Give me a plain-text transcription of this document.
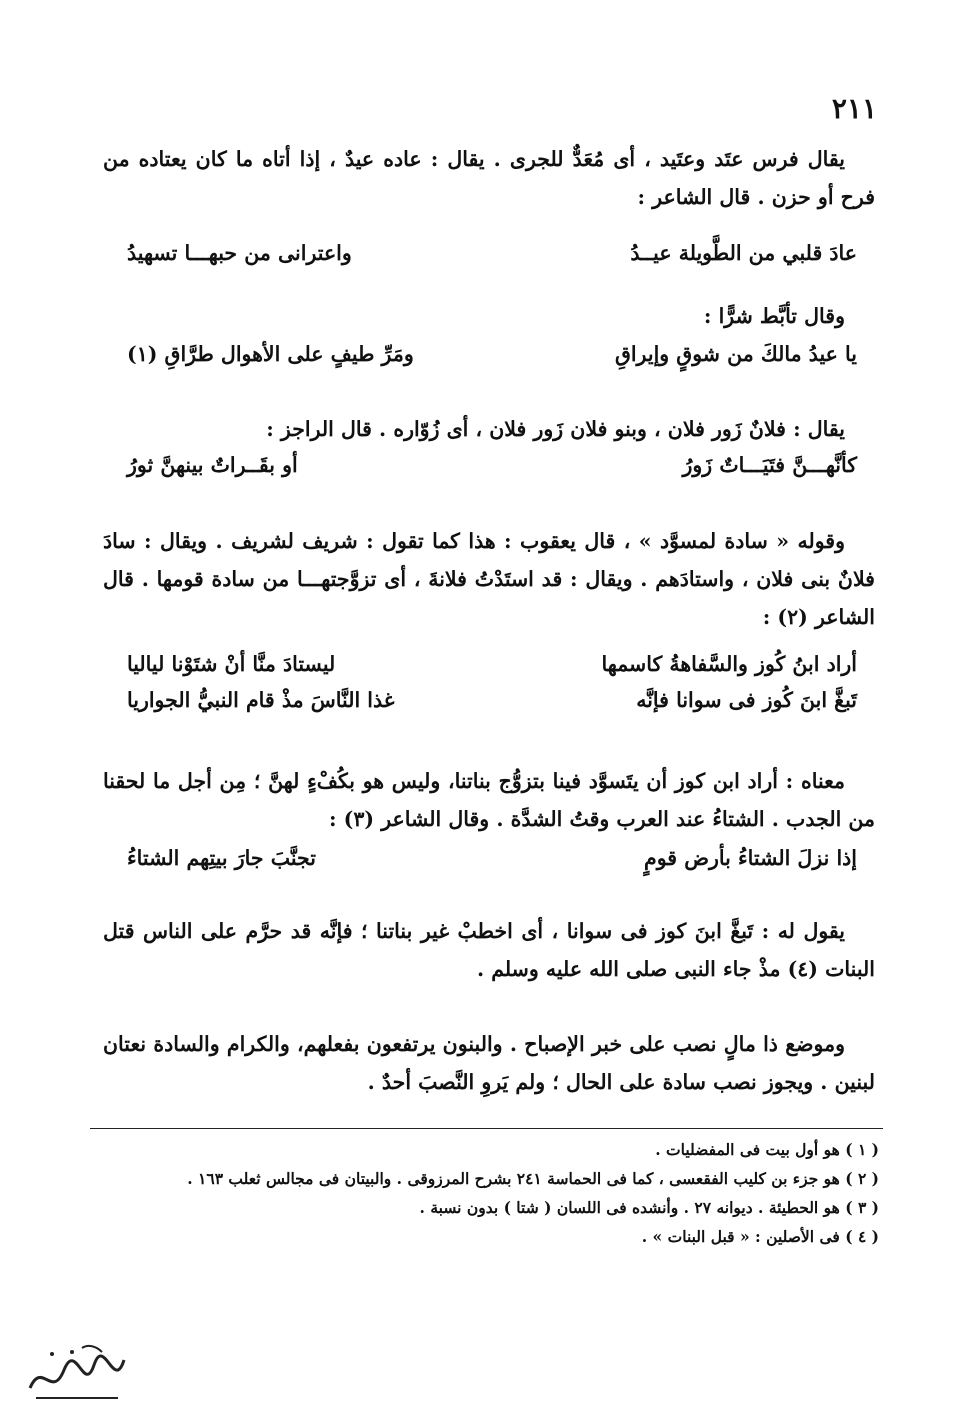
٢١١

يقال فرس عتَد وعتَيد ، أى مُعَدٌّ للجرى . يقال : عاده عيدٌ ، إذا أتاه ما كان يعتاده من فرح أو حزن . قال الشاعر :

عادَ قلبي من الطَّويلة عيــدُ
واعترانى من حبهـــا تسهيدُ

وقال تأبَّط شرًّا :

يا عيدُ مالكَ من شوقٍ وإيراقِ
ومَرِّ طيفٍ على الأهوال طرَّاقِ (١)

يقال : فلانٌ زَور فلان ، وبنو فلان زَور فلان ، أى زُوّاره . قال الراجز :

كأنَّهـــنَّ فتَيَـــاتٌ زَورُ
أو بقَــراتٌ بينهنَّ ثورُ

وقوله « سادة لمسوَّد » ، قال يعقوب : هذا كما تقول : شريف لشريف . ويقال : سادَ فلانٌ بنى فلان ، واستادَهم . ويقال : قد استَدْتُ فلانةَ ، أى تزوَّجتهـــا من سادة قومها . قال الشاعر (٢) :

أراد ابنُ كُوز والسَّفاهةُ كاسمها
ليستادَ منَّا أنْ شتَوْنا لياليا
تَبغَّ ابنَ كُوز فى سوانا فإنَّه
غذا النَّاسَ مذْ قام النبيُّ الجواريا

معناه : أراد ابن كوز أن يتَسوَّد فينا بتزوُّج بناتنا، وليس هو بكُفْءٍ لهنَّ ؛ مِن أجل ما لحقنا من الجدب . الشتاءُ عند العرب وقتُ الشدَّة . وقال الشاعر (٣) :

إذا نزلَ الشتاءُ بأرض قومٍ
تجنَّبَ جارَ بيتِهم الشتاءُ

يقول له : تَبغَّ ابنَ كوز فى سوانا ، أى اخطبْ غير بناتنا ؛ فإنَّه قد حرَّم على الناس قتل البنات (٤) مذْ جاء النبى صلى الله عليه وسلم .

وموضع ذا مالٍ نصب على خبر الإصباح . والبنون يرتفعون بفعلهم، والكرام والسادة نعتان لبنين . ويجوز نصب سادة على الحال ؛ ولم يَروِ النَّصبَ أحدٌ .

( ١ ) هو أول بيت فى المفضليات .
( ٢ ) هو جزء بن كليب الفقعسى ، كما فى الحماسة ٢٤١ بشرح المرزوقى . والبيتان فى مجالس ثعلب ١٦٣ .
( ٣ ) هو الحطيئة . ديوانه ٢٧ . وأنشده فى اللسان ( شتا ) بدون نسبة .
( ٤ ) فى الأصلين : « قبل البنات » .
